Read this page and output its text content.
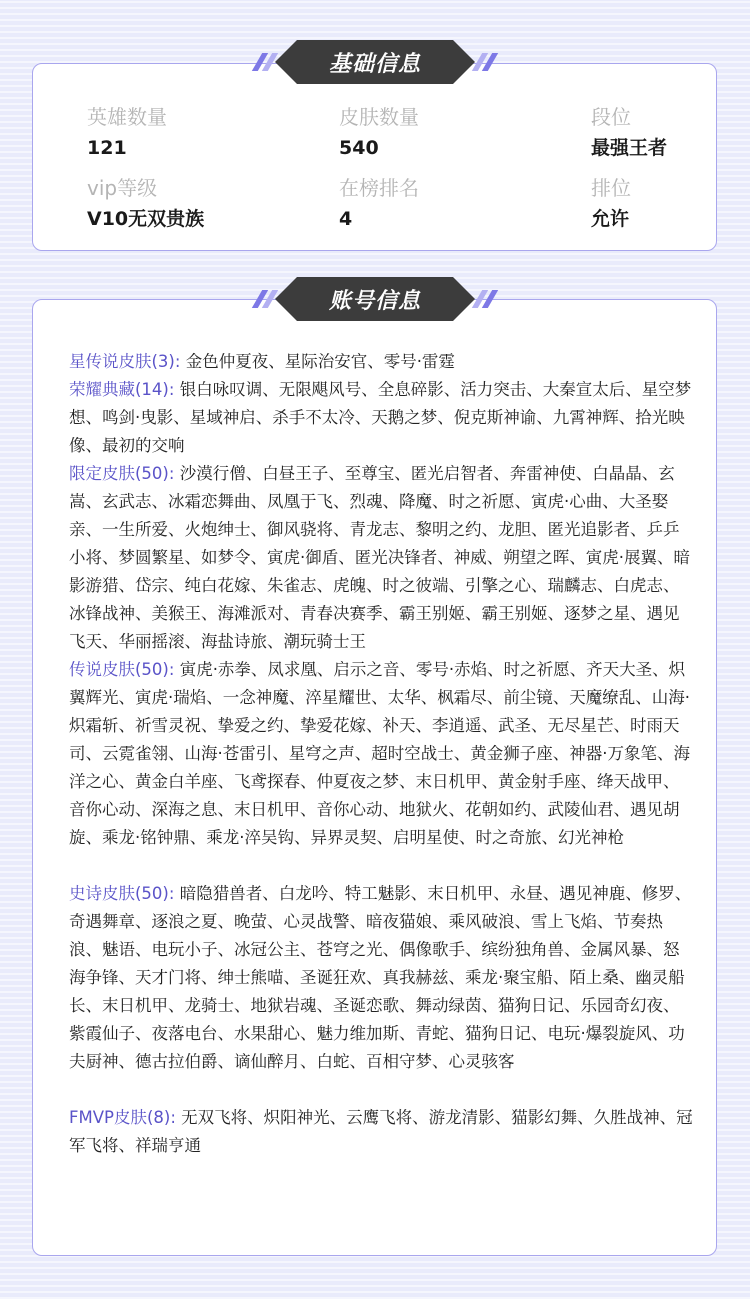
基础信息
英雄数量
121
皮肤数量
540
段位
最强王者
vip等级
V10无双贵族
在榜排名
4
排位
允许
账号信息
星传说皮肤(3): 金色仲夏夜、星际治安官、零号·雷霆
荣耀典藏(14): 银白咏叹调、无限飓风号、全息碎影、活力突击、大秦宣太后、星空梦想、鸣剑·曳影、星域神启、杀手不太冷、天鹅之梦、倪克斯神谕、九霄神辉、拾光映像、最初的交响
限定皮肤(50): 沙漠行僧、白昼王子、至尊宝、匿光启智者、奔雷神使、白晶晶、玄嵩、玄武志、冰霜恋舞曲、凤凰于飞、烈魂、降魔、时之祈愿、寅虎·心曲、大圣娶亲、一生所爱、火炮绅士、御风骁将、青龙志、黎明之约、龙胆、匿光追影者、乒乒小将、梦圆繁星、如梦令、寅虎·御盾、匿光决锋者、神威、朔望之晖、寅虎·展翼、暗影游猎、岱宗、纯白花嫁、朱雀志、虎魄、时之彼端、引擎之心、瑞麟志、白虎志、冰锋战神、美猴王、海滩派对、青春决赛季、霸王别姬、霸王别姬、逐梦之星、遇见飞天、华丽摇滚、海盐诗旅、潮玩骑士王
传说皮肤(50): 寅虎·赤拳、凤求凰、启示之音、零号·赤焰、时之祈愿、齐天大圣、炽翼辉光、寅虎·瑞焰、一念神魔、淬星耀世、太华、枫霜尽、前尘镜、天魔缭乱、山海·炽霜斩、祈雪灵祝、挚爱之约、挚爱花嫁、补天、李逍遥、武圣、无尽星芒、时雨天司、云霓雀翎、山海·苍雷引、星穹之声、超时空战士、黄金狮子座、神器·万象笔、海洋之心、黄金白羊座、飞鸢探春、仲夏夜之梦、末日机甲、黄金射手座、绛天战甲、音你心动、深海之息、末日机甲、音你心动、地狱火、花朝如约、武陵仙君、遇见胡旋、乘龙·铭钟鼎、乘龙·淬吴钩、异界灵契、启明星使、时之奇旅、幻光神枪
史诗皮肤(50): 暗隐猎兽者、白龙吟、特工魅影、末日机甲、永昼、遇见神鹿、修罗、奇遇舞章、逐浪之夏、晚萤、心灵战警、暗夜猫娘、乘风破浪、雪上飞焰、节奏热浪、魅语、电玩小子、冰冠公主、苍穹之光、偶像歌手、缤纷独角兽、金属风暴、怒海争锋、天才门将、绅士熊喵、圣诞狂欢、真我赫兹、乘龙·聚宝船、陌上桑、幽灵船长、末日机甲、龙骑士、地狱岩魂、圣诞恋歌、舞动绿茵、猫狗日记、乐园奇幻夜、紫霞仙子、夜落电台、水果甜心、魅力维加斯、青蛇、猫狗日记、电玩·爆裂旋风、功夫厨神、德古拉伯爵、谪仙醉月、白蛇、百相守梦、心灵骇客
FMVP皮肤(8): 无双飞将、炽阳神光、云鹰飞将、游龙清影、猫影幻舞、久胜战神、冠军飞将、祥瑞亨通
